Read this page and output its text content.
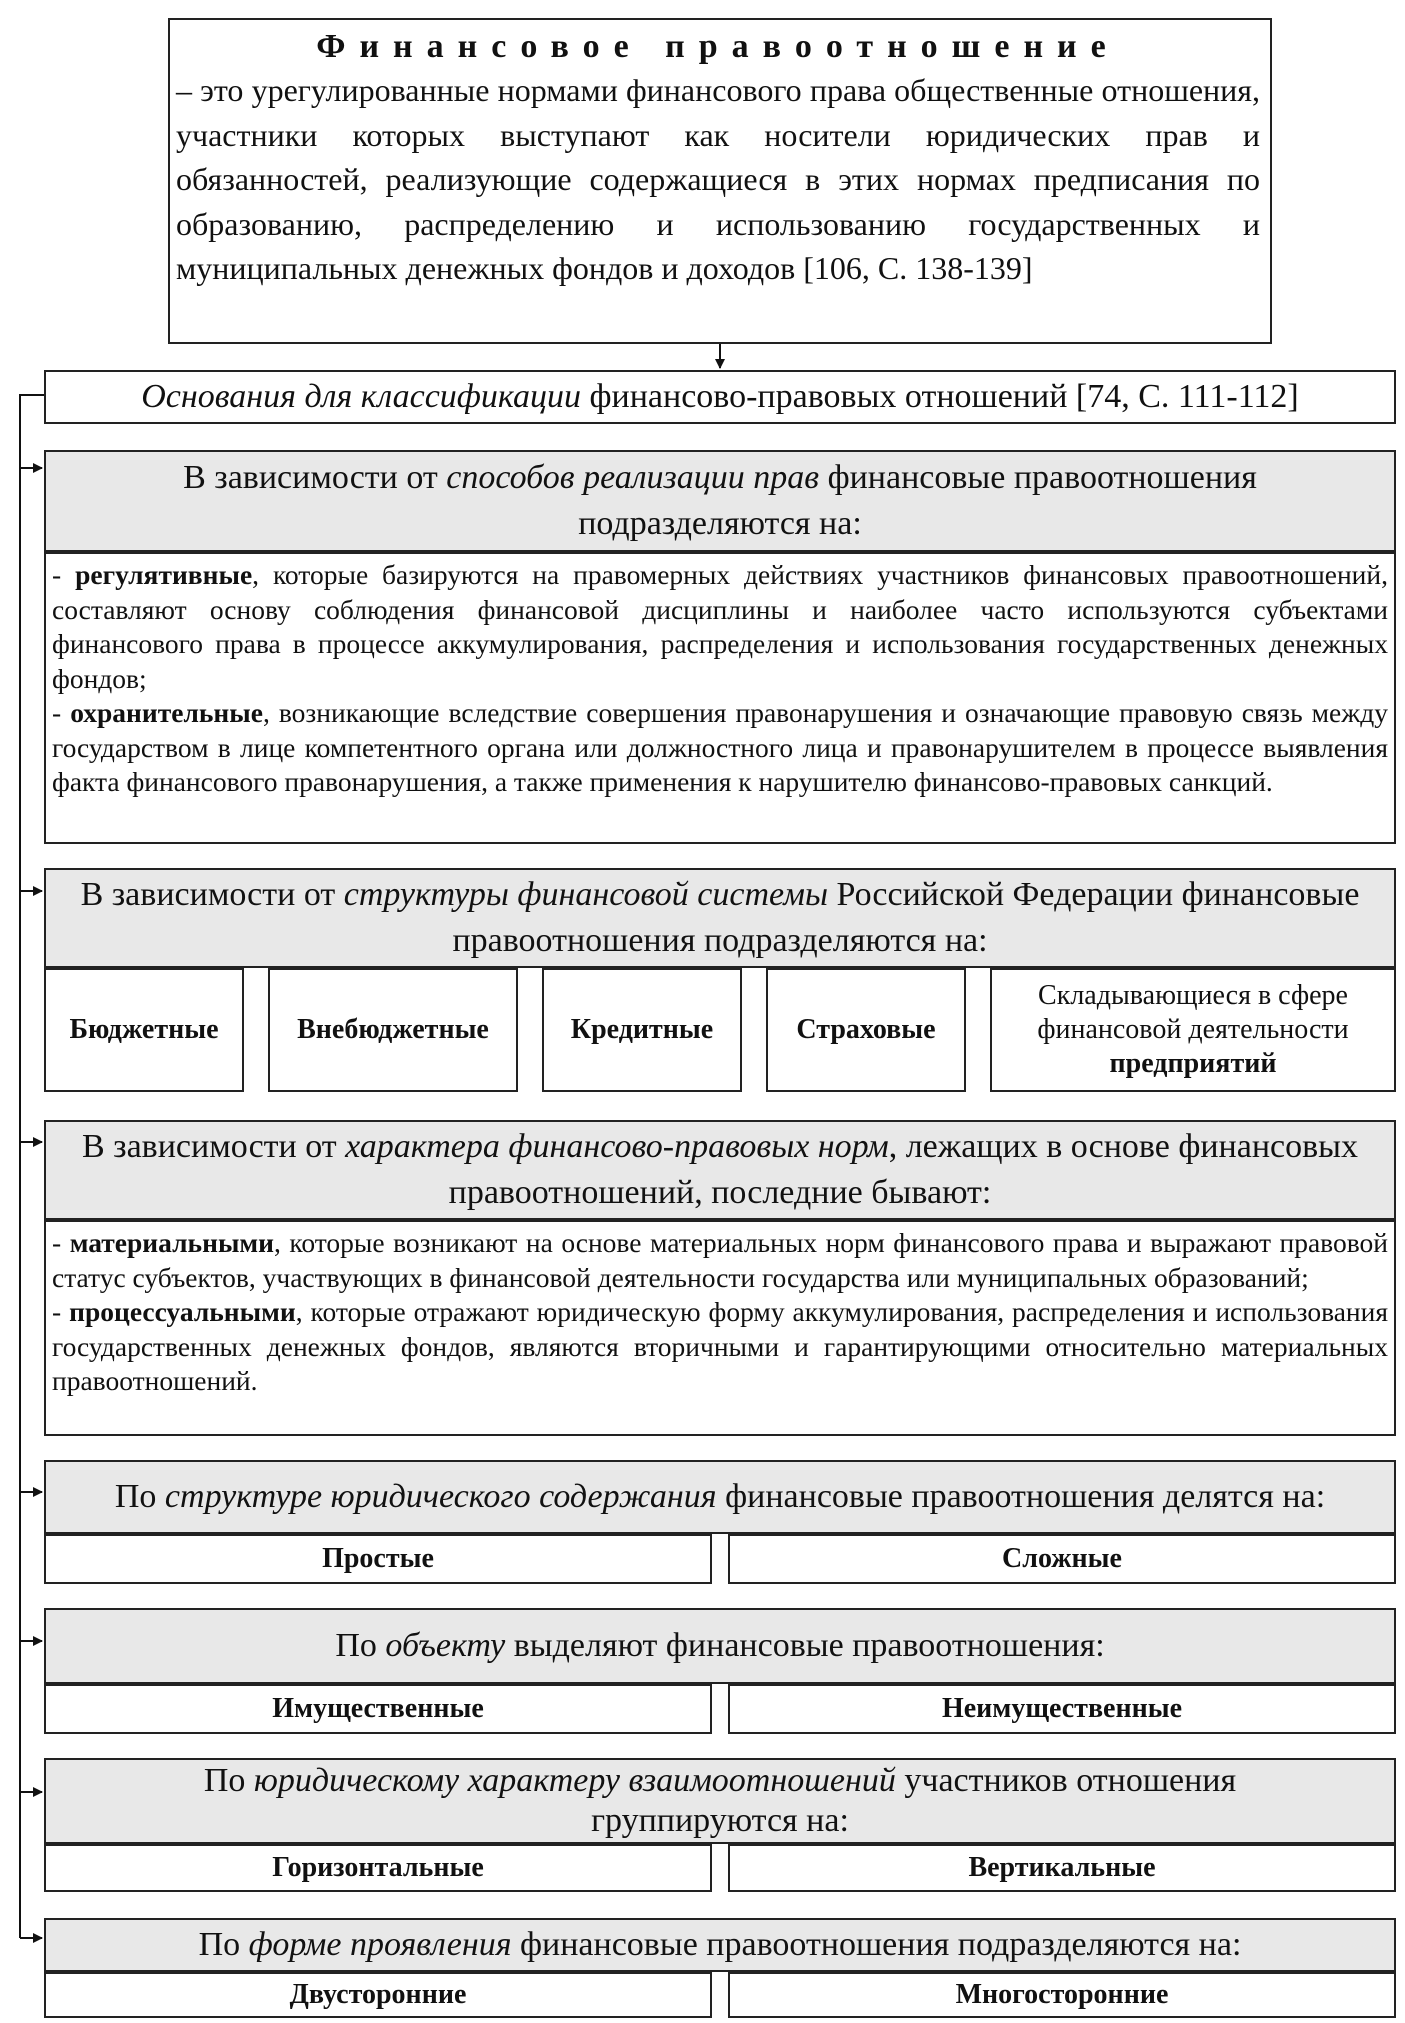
Финансовое правоотношение

– это урегулированные нормами финансового права общественные отношения, участники которых выступают как носители юридических прав и обязанностей, реализующие содержащиеся в этих нормах предписания по образованию, распределению и использованию государственных и муниципальных денежных фондов и доходов [106, С. 138-139]

Основания для классификации финансово-правовых отношений [74, С. 111-112]
В зависимости от способов реализации прав финансовые правоотношения подразделяются на:

- регулятивные, которые базируются на правомерных действиях участников финансовых правоотношений, составляют основу соблюдения финансовой дисциплины и наиболее часто используются субъектами финансового права в процессе аккумулирования, распределения и использования государственных денежных фондов;

- охранительные, возникающие вследствие совершения правонарушения и означающие правовую связь между государством в лице компетентного органа или должностного лица и правонарушителем в процессе выявления факта финансового правонарушения, а также применения к нарушителю финансово-правовых санкций.

В зависимости от структуры финансовой системы Российской Федерации финансовые правоотношения подразделяются на:
Бюджетные	Внебюджетные	Кредитные	Страховые
Складывающиеся в сфере финансовой деятельности
предприятий
В зависимости от характера финансово-правовых норм, лежащих в основе финансовых правоотношений, последние бывают:

- материальными, которые возникают на основе материальных норм финансового права и выражают правовой статус субъектов, участвующих в финансовой деятельности государства или муниципальных образований;

- процессуальными, которые отражают юридическую форму аккумулирования, распределения и использования государственных денежных фондов, являются вторичными и гарантирующими относительно материальных правоотношений.

По структуре юридического содержания финансовые правоотношения делятся на:
Простые	Сложные
По объекту выделяют финансовые правоотношения:
Имущественные	Неимущественные
По юридическому характеру взаимоотношений участников отношения группируются на:
Горизонтальные	Вертикальные
По форме проявления финансовые правоотношения подразделяются на:
Двусторонние	Многосторонние
